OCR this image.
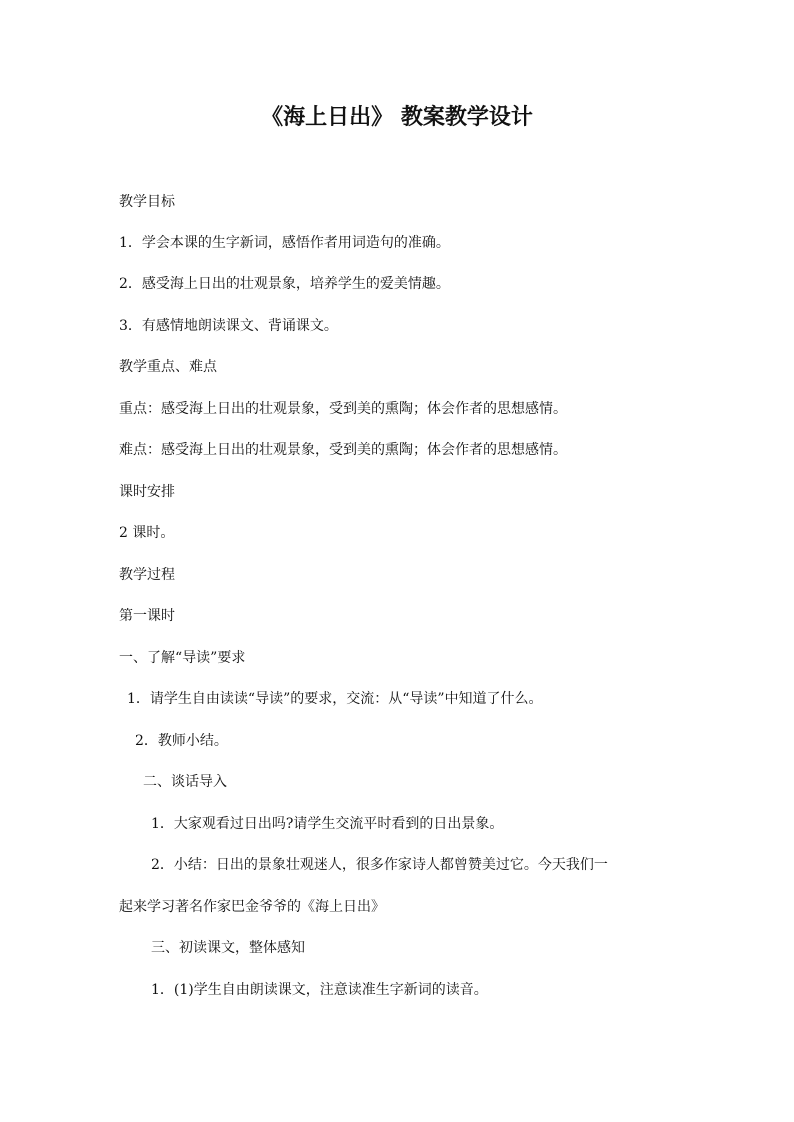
《海上日出》 教案教学设计

教学目标

1．学会本课的生字新词，感悟作者用词造句的准确。

2．感受海上日出的壮观景象，培养学生的爱美情趣。

3．有感情地朗读课文、背诵课文。

教学重点、难点

重点：感受海上日出的壮观景象，受到美的熏陶；体会作者的思想感情。

难点：感受海上日出的壮观景象，受到美的熏陶；体会作者的思想感情。

课时安排

2 课时。

教学过程

第一课时

一、了解“导读”要求

1．请学生自由读读“导读”的要求，交流：从“导读”中知道了什么。

2．教师小结。

二、谈话导入

1．大家观看过日出吗?请学生交流平时看到的日出景象。

2．小结：日出的景象壮观迷人，很多作家诗人都曾赞美过它。今天我们一

起来学习著名作家巴金爷爷的《海上日出》

三、初读课文，整体感知

1．(1)学生自由朗读课文，注意读准生字新词的读音。
